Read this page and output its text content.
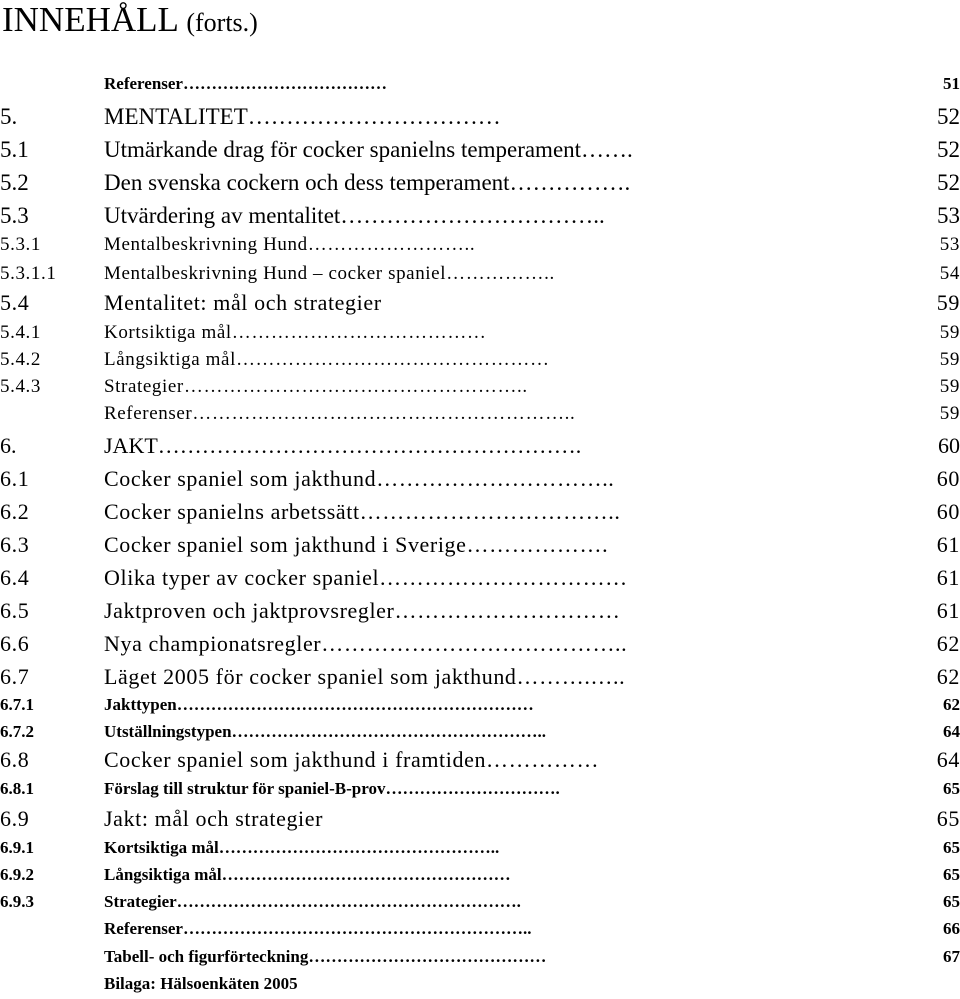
INNEHÅLL (forts.)
Referenser………………………………	51
5.	MENTALITET……………………………	52
5.1	Utmärkande drag för cocker spanielns temperament…….	52
5.2	Den svenska cockern och dess temperament…………….	52
5.3	Utvärdering av mentalitet……………………………..	53
5.3.1	Mentalbeskrivning Hund……………………..	53
5.3.1.1	Mentalbeskrivning Hund – cocker spaniel……………..	54
5.4	Mentalitet: mål och strategier	59
5.4.1	Kortsiktiga mål…………………………………	59
5.4.2	Långsiktiga mål…………………………………………	59
5.4.3	Strategier……………………………………………..	59
Referenser…………………………………………………..	59
6.	JAKT………………………………………………….	60
6.1	Cocker spaniel som jakthund…………………………..	60
6.2	Cocker spanielns arbetssätt……………………………..	60
6.3	Cocker spaniel som jakthund i Sverige……………….	61
6.4	Olika typer av cocker spaniel……………………………	61
6.5	Jaktproven och jaktprovsregler…………………………	61
6.6	Nya championatsregler…………………………………..	62
6.7	Läget 2005 för cocker spaniel som jakthund……….…..	62
6.7.1	Jakttypen………………………………………………………	62
6.7.2	Utställningstypen………………………………………………..	64
6.8	Cocker spaniel som jakthund i framtiden……………	64
6.8.1	Förslag till struktur för spaniel-B-prov………………………….	65
6.9	Jakt: mål och strategier	65
6.9.1	Kortsiktiga mål…………………………………………..	65
6.9.2	Långsiktiga mål……………………………………………	65
6.9.3	Strategier…………………………………………………….	65
Referenser……………………………………………………..	66
Tabell- och figurförteckning……………………………………	67
Bilaga: Hälsoenkäten 2005
